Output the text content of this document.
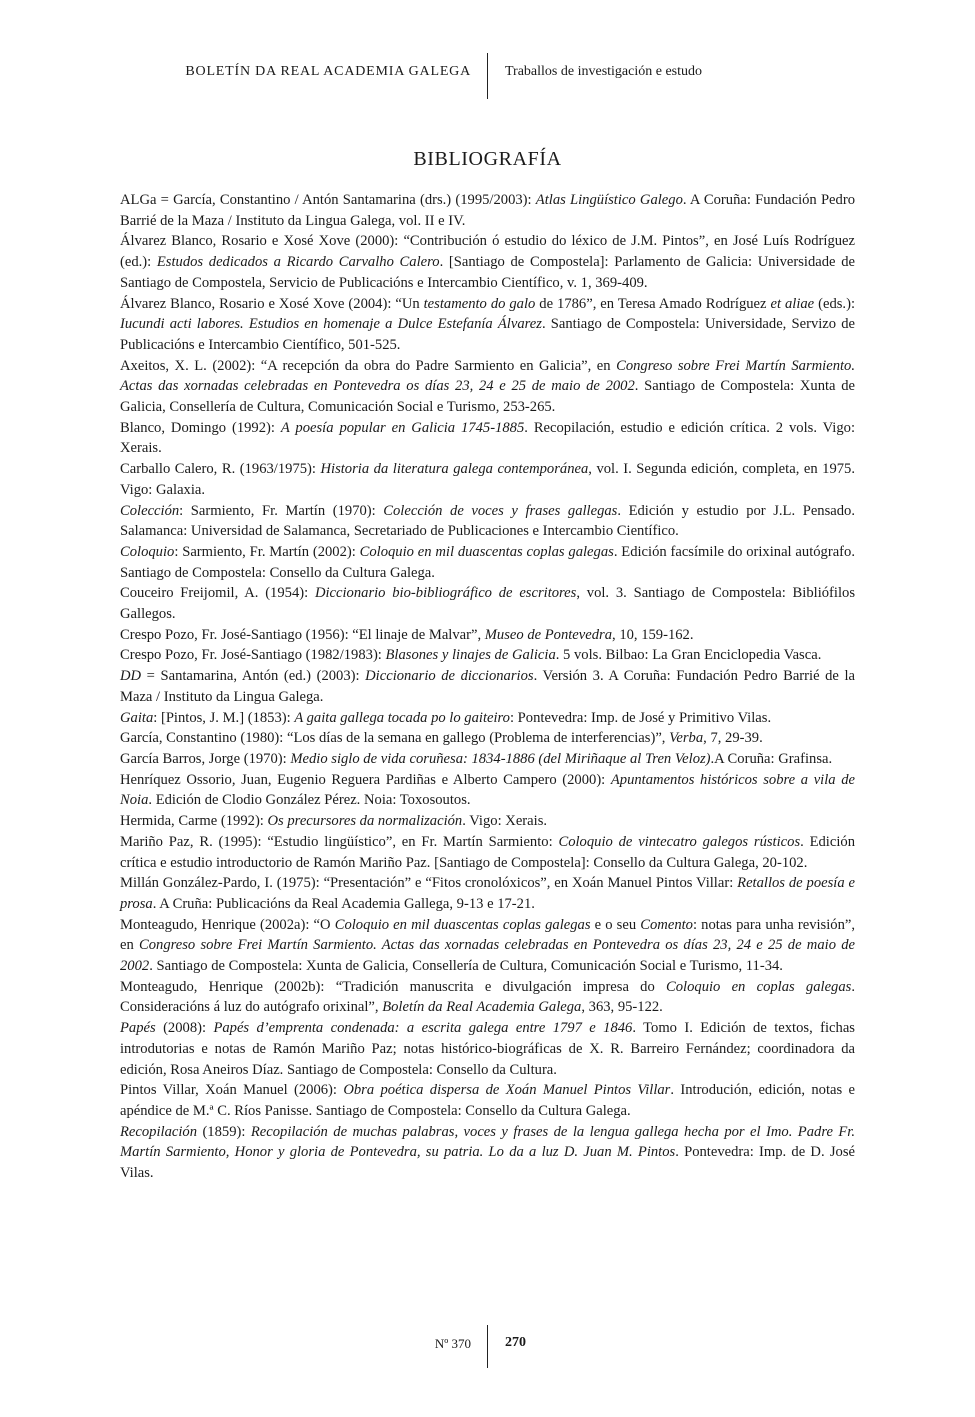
BOLETÍN DA REAL ACADEMIA GALEGA Traballos de investigación e estudo
BIBLIOGRAFÍA

ALGa = García, Constantino / Antón Santamarina (drs.) (1995/2003): Atlas Lingüístico Galego. A Coruña: Fundación Pedro Barrié de la Maza / Instituto da Lingua Galega, vol. II e IV.

Álvarez Blanco, Rosario e Xosé Xove (2000): “Contribución ó estudio do léxico de J.M. Pintos”, en José Luís Rodríguez (ed.): Estudos dedicados a Ricardo Carvalho Calero. [Santiago de Compostela]: Parlamento de Galicia: Universidade de Santiago de Compostela, Servicio de Publicacións e Intercambio Científico, v. 1, 369-409.

Álvarez Blanco, Rosario e Xosé Xove (2004): “Un testamento do galo de 1786”, en Teresa Amado Rodríguez et aliae (eds.): Iucundi acti labores. Estudios en homenaje a Dulce Estefanía Álvarez. Santiago de Compostela: Universidade, Servizo de Publicacións e Intercambio Científico, 501-525.

Axeitos, X. L. (2002): “A recepción da obra do Padre Sarmiento en Galicia”, en Congreso sobre Frei Martín Sarmiento. Actas das xornadas celebradas en Pontevedra os días 23, 24 e 25 de maio de 2002. Santiago de Compostela: Xunta de Galicia, Consellería de Cultura, Comunicación Social e Turismo, 253-265.

Blanco, Domingo (1992): A poesía popular en Galicia 1745-1885. Recopilación, estudio e edición crítica. 2 vols. Vigo: Xerais.

Carballo Calero, R. (1963/1975): Historia da literatura galega contemporánea, vol. I. Segunda edición, completa, en 1975. Vigo: Galaxia.

Colección: Sarmiento, Fr. Martín (1970): Colección de voces y frases gallegas. Edición y estudio por J.L. Pensado. Salamanca: Universidad de Salamanca, Secretariado de Publicaciones e Intercambio Científico.

Coloquio: Sarmiento, Fr. Martín (2002): Coloquio en mil duascentas coplas galegas. Edición facsímile do orixinal autógrafo. Santiago de Compostela: Consello da Cultura Galega.

Couceiro Freijomil, A. (1954): Diccionario bio-bibliográfico de escritores, vol. 3. Santiago de Compostela: Bibliófilos Gallegos.

Crespo Pozo, Fr. José-Santiago (1956): “El linaje de Malvar”, Museo de Pontevedra, 10, 159-162.

Crespo Pozo, Fr. José-Santiago (1982/1983): Blasones y linajes de Galicia. 5 vols. Bilbao: La Gran Enciclopedia Vasca.

DD = Santamarina, Antón (ed.) (2003): Diccionario de diccionarios. Versión 3. A Coruña: Fundación Pedro Barrié de la Maza / Instituto da Lingua Galega.

Gaita: [Pintos, J. M.] (1853): A gaita gallega tocada po lo gaiteiro: Pontevedra: Imp. de José y Primitivo Vilas.

García, Constantino (1980): “Los días de la semana en gallego (Problema de interferencias)”, Verba, 7, 29-39.

García Barros, Jorge (1970): Medio siglo de vida coruñesa: 1834-1886 (del Miriñaque al Tren Veloz).A Coruña: Grafinsa.

Henríquez Ossorio, Juan, Eugenio Reguera Pardiñas e Alberto Campero (2000): Apuntamentos históricos sobre a vila de Noia. Edición de Clodio González Pérez. Noia: Toxosoutos.

Hermida, Carme (1992): Os precursores da normalización. Vigo: Xerais.

Mariño Paz, R. (1995): “Estudio lingüístico”, en Fr. Martín Sarmiento: Coloquio de vintecatro galegos rústicos. Edición crítica e estudio introductorio de Ramón Mariño Paz. [Santiago de Compostela]: Consello da Cultura Galega, 20-102.

Millán González-Pardo, I. (1975): “Presentación” e “Fitos cronolóxicos”, en Xoán Manuel Pintos Villar: Retallos de poesía e prosa. A Cruña: Publicacións da Real Academia Gallega, 9-13 e 17-21.

Monteagudo, Henrique (2002a): “O Coloquio en mil duascentas coplas galegas e o seu Comento: notas para unha revisión”, en Congreso sobre Frei Martín Sarmiento. Actas das xornadas celebradas en Pontevedra os días 23, 24 e 25 de maio de 2002. Santiago de Compostela: Xunta de Galicia, Consellería de Cultura, Comunicación Social e Turismo, 11-34.

Monteagudo, Henrique (2002b): “Tradición manuscrita e divulgación impresa do Coloquio en coplas galegas. Consideracións á luz do autógrafo orixinal”, Boletín da Real Academia Galega, 363, 95-122.

Papés (2008): Papés d’emprenta condenada: a escrita galega entre 1797 e 1846. Tomo I. Edición de textos, fichas introdutorias e notas de Ramón Mariño Paz; notas histórico-biográficas de X. R. Barreiro Fernández; coordinadora da edición, Rosa Aneiros Díaz. Santiago de Compostela: Consello da Cultura.

Pintos Villar, Xoán Manuel (2006): Obra poética dispersa de Xoán Manuel Pintos Villar. Introdución, edición, notas e apéndice de M.ª C. Ríos Panisse. Santiago de Compostela: Consello da Cultura Galega.

Recopilación (1859): Recopilación de muchas palabras, voces y frases de la lengua gallega hecha por el Imo. Padre Fr. Martín Sarmiento, Honor y gloria de Pontevedra, su patria. Lo da a luz D. Juan M. Pintos. Pontevedra: Imp. de D. José Vilas.

Nº 370 270
